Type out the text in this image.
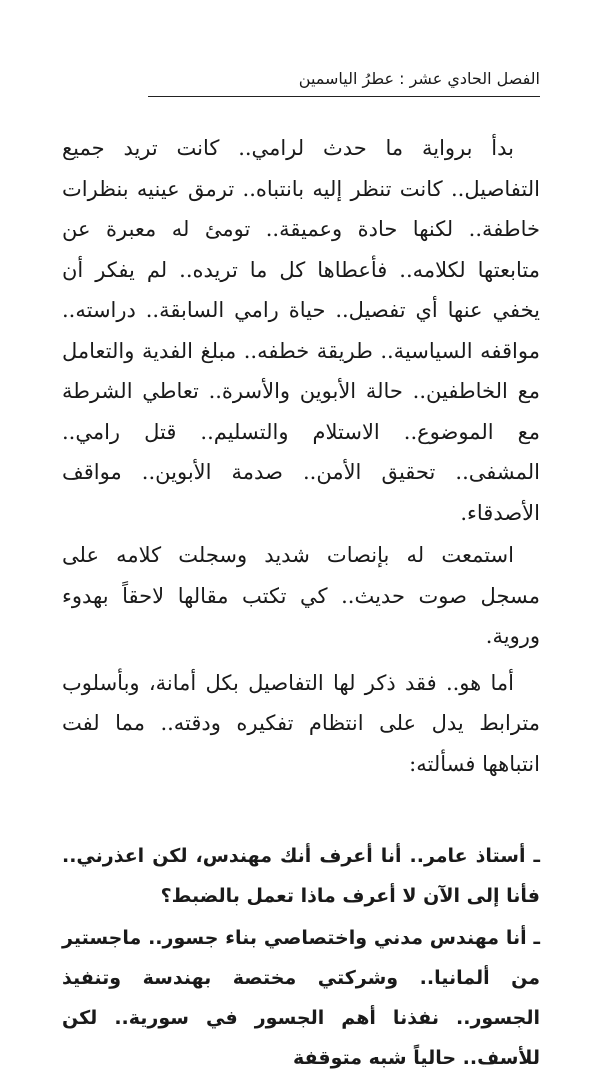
الفصل الحادي عشر : عطرُ الياسمين

بدأ برواية ما حدث لرامي.. كانت تريد جميع التفاصيل.. كانت تنظر إليه بانتباه.. ترمق عينيه بنظرات خاطفة.. لكنها حادة وعميقة.. تومئ له معبرة عن متابعتها لكلامه.. فأعطاها كل ما تريده.. لم يفكر أن يخفي عنها أي تفصيل.. حياة رامي السابقة.. دراسته.. مواقفه السياسية.. طريقة خطفه.. مبلغ الفدية والتعامل مع الخاطفين.. حالة الأبوين والأسرة.. تعاطي الشرطة مع الموضوع.. الاستلام والتسليم.. قتل رامي.. المشفى.. تحقيق الأمن.. صدمة الأبوين.. مواقف الأصدقاء.

استمعت له بإنصات شديد وسجلت كلامه على مسجل صوت حديث.. كي تكتب مقالها لاحقاً بهدوء وروية.

أما هو.. فقد ذكر لها التفاصيل بكل أمانة، وبأسلوب مترابط يدل على انتظام تفكيره ودقته.. مما لفت انتباهها فسألته:

ـ أستاذ عامر.. أنا أعرف أنك مهندس، لكن اعذرني.. فأنا إلى الآن لا أعرف ماذا تعمل بالضبط؟

ـ أنا مهندس مدني واختصاصي بناء جسور.. ماجستير من ألمانيا.. وشركتي مختصة بهندسة وتنفيذ الجسور.. نفذنا أهم الجسور في سورية.. لكن للأسف.. حالياً شبه متوقفة
